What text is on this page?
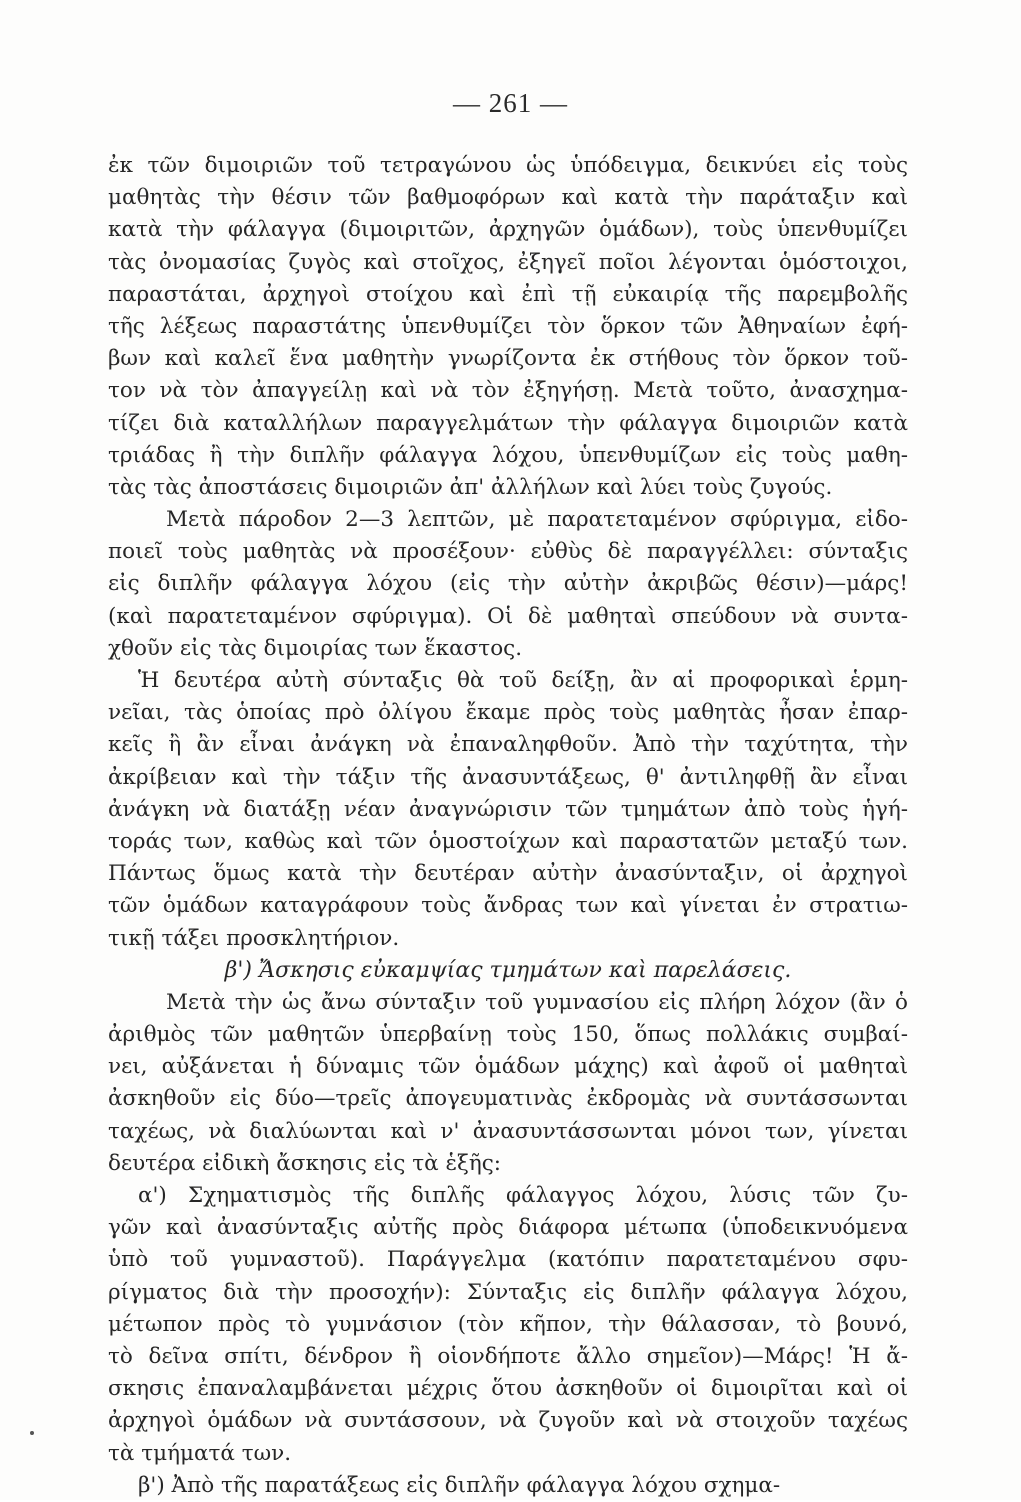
— 261 —
ἐκ τῶν διμοιριῶν τοῦ τετραγώνου ὡς ὑπόδειγμα, δεικνύει εἰς τοὺς
μαθητὰς τὴν θέσιν τῶν βαθμοφόρων καὶ κατὰ τὴν παράταξιν καὶ
κατὰ τὴν φάλαγγα (διμοιριτῶν, ἀρχηγῶν ὁμάδων), τοὺς ὑπενθυμίζει
τὰς ὀνομασίας ζυγὸς καὶ στοῖχος, ἐξηγεῖ ποῖοι λέγονται ὁμόστοιχοι,
παραστάται, ἀρχηγοὶ στοίχου καὶ ἐπὶ τῇ εὐκαιρίᾳ τῆς παρεμβολῆς
τῆς λέξεως παραστάτης ὑπενθυμίζει τὸν ὅρκον τῶν Ἀθηναίων ἐφή-
βων καὶ καλεῖ ἕνα μαθητὴν γνωρίζοντα ἐκ στήθους τὸν ὅρκον τοῦ-
τον νὰ τὸν ἀπαγγείλῃ καὶ νὰ τὸν ἐξηγήσῃ. Μετὰ τοῦτο, ἀνασχημα-
τίζει διὰ καταλλήλων παραγγελμάτων τὴν φάλαγγα διμοιριῶν κατὰ
τριάδας ἢ τὴν διπλῆν φάλαγγα λόχου, ὑπενθυμίζων εἰς τοὺς μαθη-
τὰς τὰς ἀποστάσεις διμοιριῶν ἀπ' ἀλλήλων καὶ λύει τοὺς ζυγούς.
Μετὰ πάροδον 2—3 λεπτῶν, μὲ παρατεταμένον σφύριγμα, εἰδο-
ποιεῖ τοὺς μαθητὰς νὰ προσέξουν· εὐθὺς δὲ παραγγέλλει: σύνταξις
εἰς διπλῆν φάλαγγα λόχου (εἰς τὴν αὐτὴν ἀκριβῶς θέσιν)—μάρς!
(καὶ παρατεταμένον σφύριγμα). Οἱ δὲ μαθηταὶ σπεύδουν νὰ συντα-
χθοῦν εἰς τὰς διμοιρίας των ἕκαστος.
Ἡ δευτέρα αὐτὴ σύνταξις θὰ τοῦ δείξῃ, ἂν αἱ προφορικαὶ ἑρμη-
νεῖαι, τὰς ὁποίας πρὸ ὀλίγου ἔκαμε πρὸς τοὺς μαθητὰς ἦσαν ἐπαρ-
κεῖς ἢ ἂν εἶναι ἀνάγκη νὰ ἐπαναληφθοῦν. Ἀπὸ τὴν ταχύτητα, τὴν
ἀκρίβειαν καὶ τὴν τάξιν τῆς ἀνασυντάξεως, θ' ἀντιληφθῇ ἂν εἶναι
ἀνάγκη νὰ διατάξῃ νέαν ἀναγνώρισιν τῶν τμημάτων ἀπὸ τοὺς ἡγή-
τοράς των, καθὼς καὶ τῶν ὁμοστοίχων καὶ παραστατῶν μεταξύ των.
Πάντως ὅμως κατὰ τὴν δευτέραν αὐτὴν ἀνασύνταξιν, οἱ ἀρχηγοὶ
τῶν ὁμάδων καταγράφουν τοὺς ἄνδρας των καὶ γίνεται ἐν στρατιω-
τικῇ τάξει προσκλητήριον.
β') Ἄσκησις εὐκαμψίας τμημάτων καὶ παρελάσεις.
Μετὰ τὴν ὡς ἄνω σύνταξιν τοῦ γυμνασίου εἰς πλήρη λόχον (ἂν ὁ
ἀριθμὸς τῶν μαθητῶν ὑπερβαίνῃ τοὺς 150, ὅπως πολλάκις συμβαί-
νει, αὐξάνεται ἡ δύναμις τῶν ὁμάδων μάχης) καὶ ἀφοῦ οἱ μαθηταὶ
ἀσκηθοῦν εἰς δύο—τρεῖς ἀπογευματινὰς ἐκδρομὰς νὰ συντάσσωνται
ταχέως, νὰ διαλύωνται καὶ ν' ἀνασυντάσσωνται μόνοι των, γίνεται
δευτέρα εἰδικὴ ἄσκησις εἰς τὰ ἑξῆς:
α') Σχηματισμὸς τῆς διπλῆς φάλαγγος λόχου, λύσις τῶν ζυ-
γῶν καὶ ἀνασύνταξις αὐτῆς πρὸς διάφορα μέτωπα (ὑποδεικνυόμενα
ὑπὸ τοῦ γυμναστοῦ). Παράγγελμα (κατόπιν παρατεταμένου σφυ-
ρίγματος διὰ τὴν προσοχήν): Σύνταξις εἰς διπλῆν φάλαγγα λόχου,
μέτωπον πρὸς τὸ γυμνάσιον (τὸν κῆπον, τὴν θάλασσαν, τὸ βουνό,
τὸ δεῖνα σπίτι, δένδρον ἢ οἱονδήποτε ἄλλο σημεῖον)—Μάρς! Ἡ ἄ-
σκησις ἐπαναλαμβάνεται μέχρις ὅτου ἀσκηθοῦν οἱ διμοιρῖται καὶ οἱ
ἀρχηγοὶ ὁμάδων νὰ συντάσσουν, νὰ ζυγοῦν καὶ νὰ στοιχοῦν ταχέως
τὰ τμήματά των.
β') Ἀπὸ τῆς παρατάξεως εἰς διπλῆν φάλαγγα λόχου σχημα-
